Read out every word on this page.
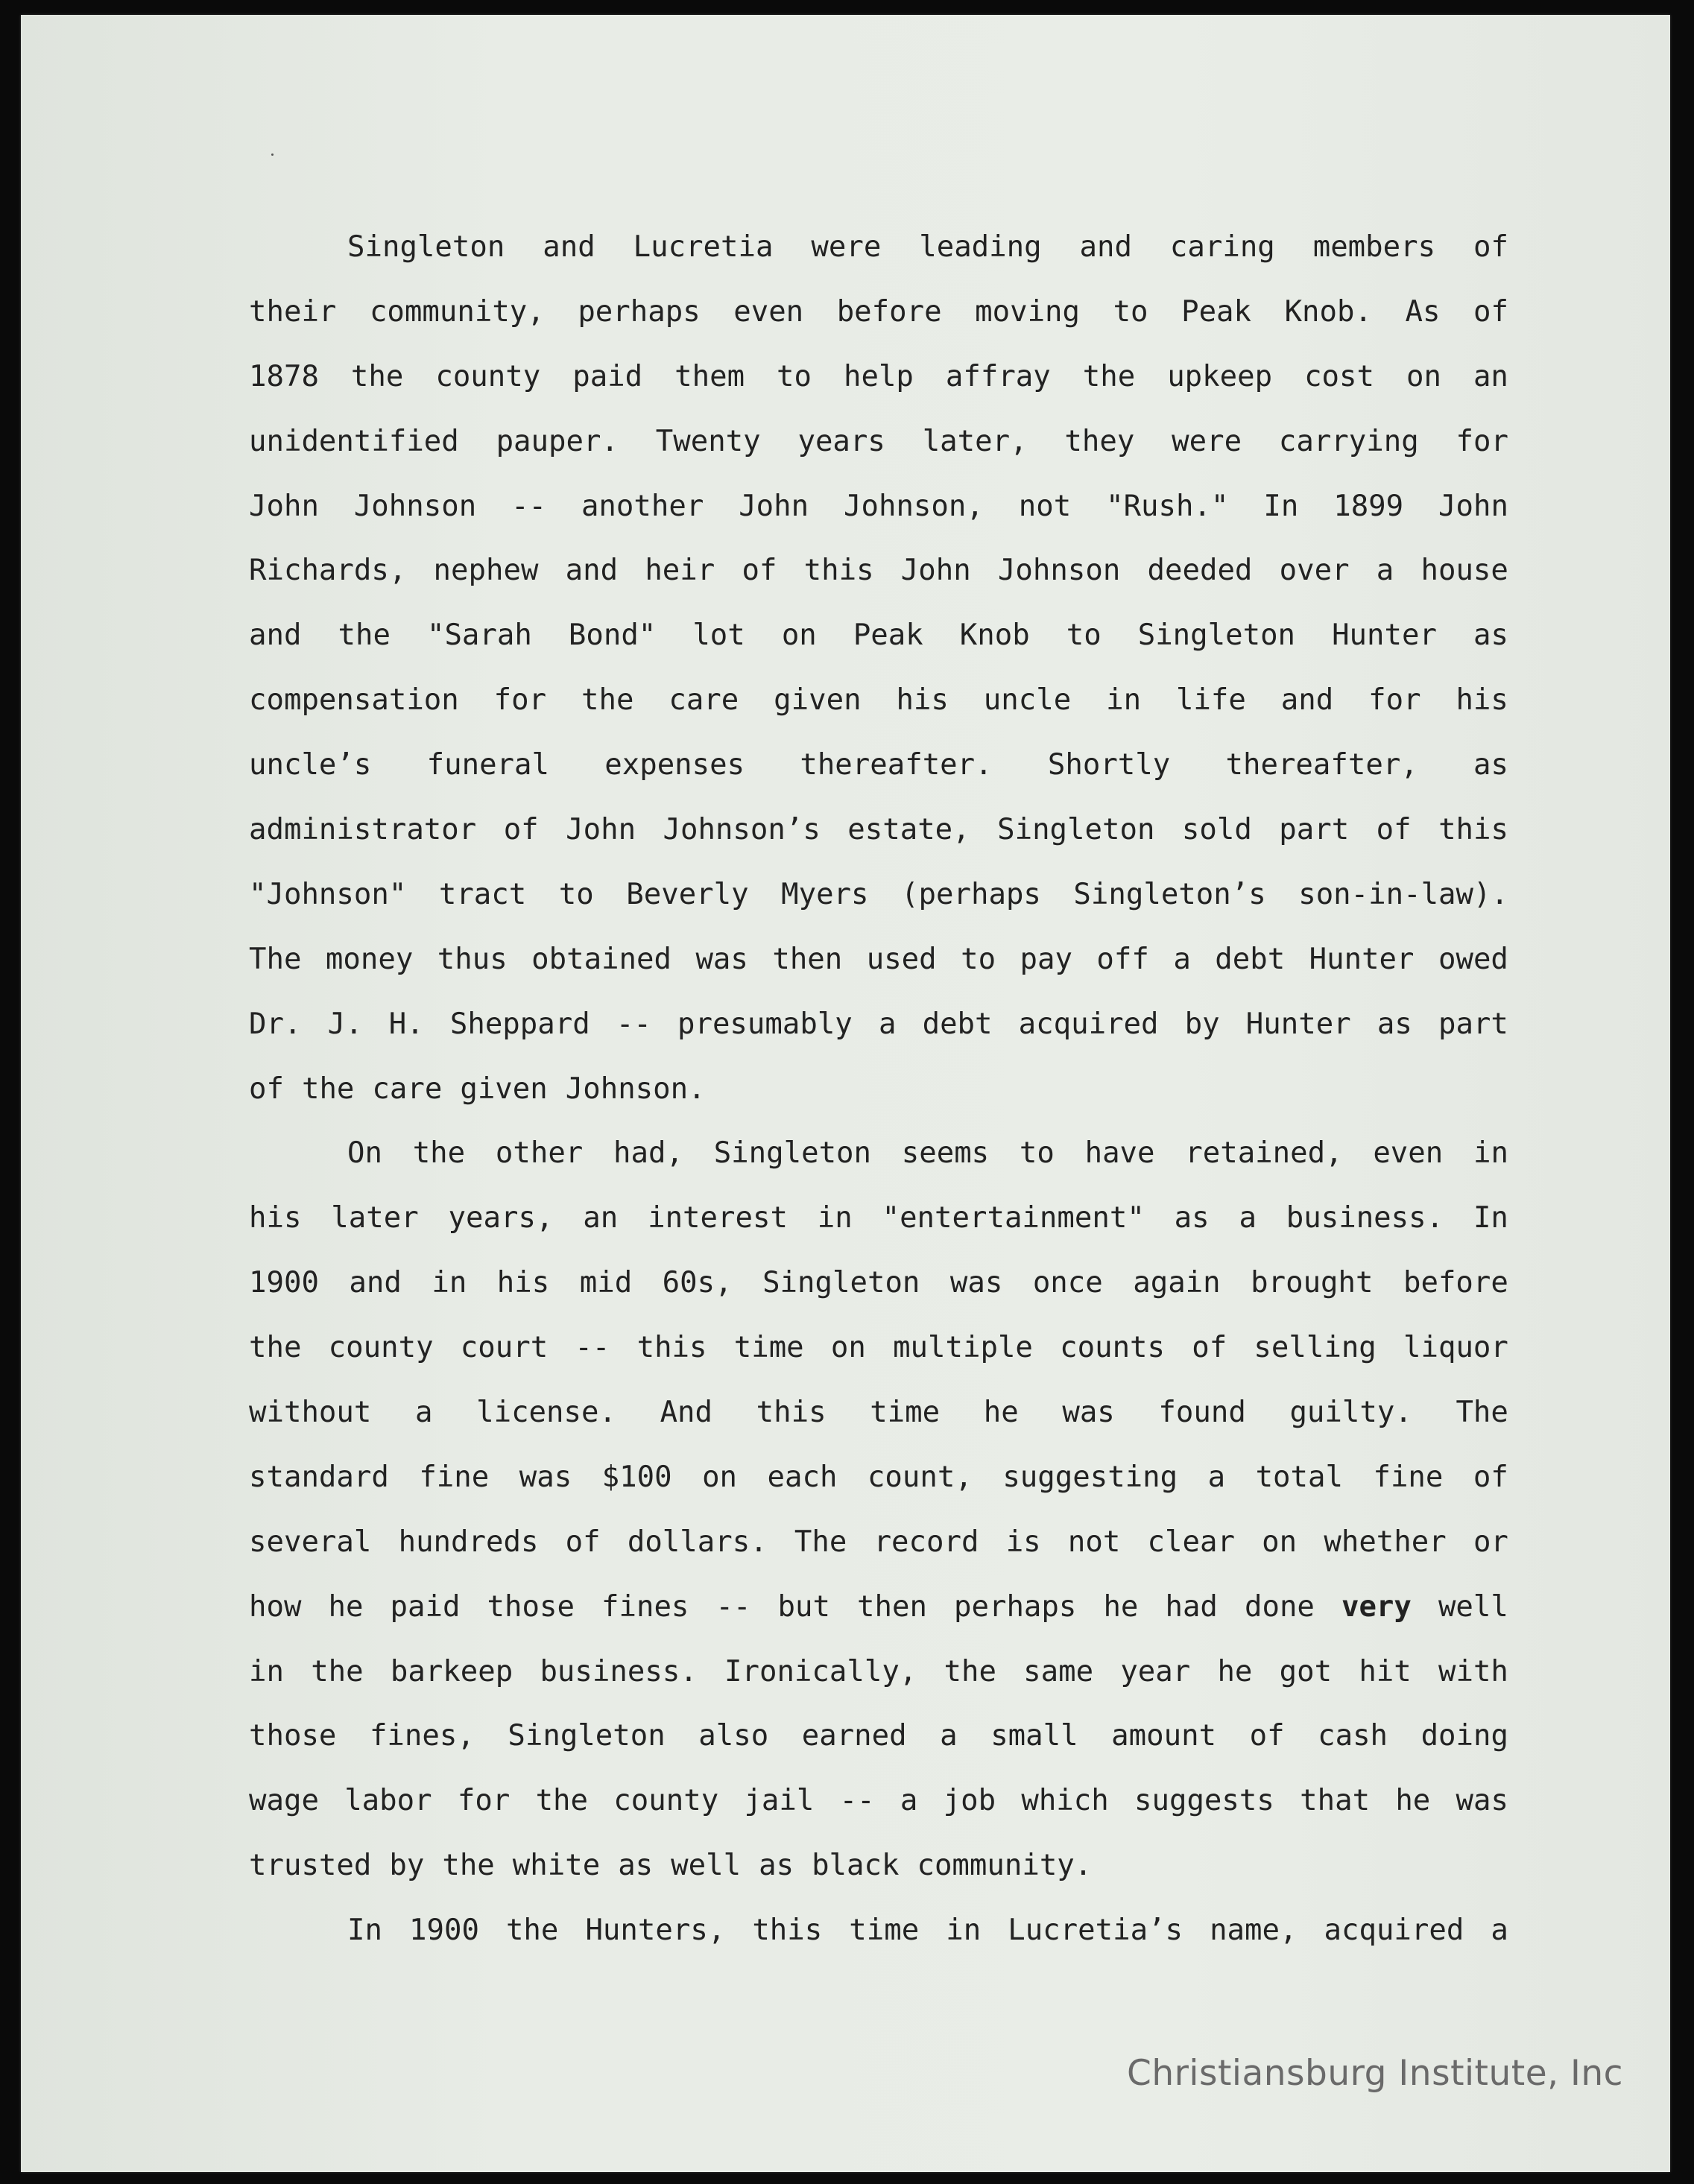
Singleton and Lucretia were leading and caring members of
their community, perhaps even before moving to Peak Knob. As of
1878 the county paid them to help affray the upkeep cost on an
unidentified pauper. Twenty years later, they were carrying for
John Johnson -- another John Johnson, not "Rush." In 1899 John
Richards, nephew and heir of this John Johnson deeded over a house
and the "Sarah Bond" lot on Peak Knob to Singleton Hunter as
compensation for the care given his uncle in life and for his
uncle’s funeral expenses thereafter. Shortly thereafter, as
administrator of John Johnson’s estate, Singleton sold part of this
"Johnson" tract to Beverly Myers (perhaps Singleton’s son-in-law).
The money thus obtained was then used to pay off a debt Hunter owed
Dr. J. H. Sheppard -- presumably a debt acquired by Hunter as part
of the care given Johnson.
On the other had, Singleton seems to have retained, even in
his later years, an interest in "entertainment" as a business. In
1900 and in his mid 60s, Singleton was once again brought before
the county court -- this time on multiple counts of selling liquor
without a license. And this time he was found guilty. The
standard fine was $100 on each count, suggesting a total fine of
several hundreds of dollars. The record is not clear on whether or
how he paid those fines -- but then perhaps he had done very well
in the barkeep business. Ironically, the same year he got hit with
those fines, Singleton also earned a small amount of cash doing
wage labor for the county jail -- a job which suggests that he was
trusted by the white as well as black community.
In 1900 the Hunters, this time in Lucretia’s name, acquired a
Christiansburg Institute, Inc
